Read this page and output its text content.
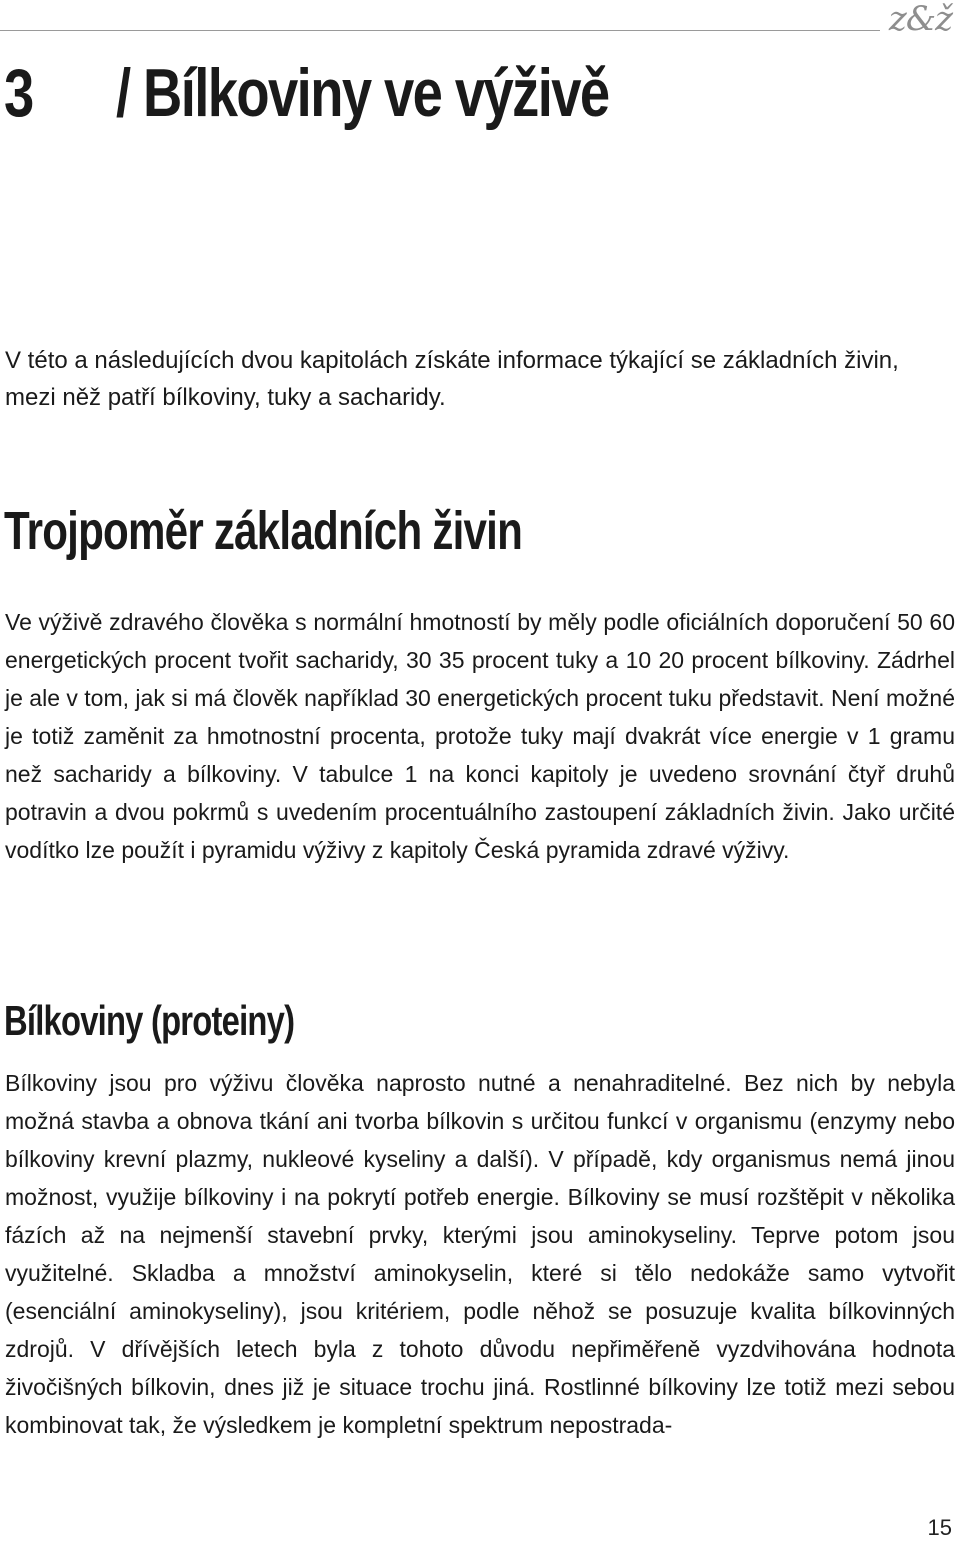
z&ž
3 / Bílkoviny ve výživě

V této a následujících dvou kapitolách získáte informace týkající se základních živin, mezi něž patří bílkoviny, tuky a sacharidy.

Trojpoměr základních živin

Ve výživě zdravého člověka s normální hmotností by měly podle oficiálních doporučení 50 60 energetických procent tvořit sacharidy, 30 35 procent tuky a 10 20 procent bílkoviny. Zádrhel je ale v tom, jak si má člověk například 30 energetických procent tuku představit. Není možné je totiž zaměnit za hmotnostní procenta, protože tuky mají dvakrát více energie v 1 gramu než sacharidy a bílkoviny. V tabulce 1 na konci kapitoly je uvedeno srovnání čtyř druhů potravin a dvou pokrmů s uvedením procentuálního zastoupení základních živin. Jako určité vodítko lze použít i pyramidu výživy z kapitoly Česká pyramida zdravé výživy.

Bílkoviny (proteiny)

Bílkoviny jsou pro výživu člověka naprosto nutné a nenahraditelné. Bez nich by nebyla možná stavba a obnova tkání ani tvorba bílkovin s určitou funkcí v organismu (enzymy nebo bílkoviny krevní plazmy, nukleové kyseliny a další). V případě, kdy organismus nemá jinou možnost, využije bílkoviny i na pokrytí potřeb energie. Bílkoviny se musí rozštěpit v několika fázích až na nejmenší stavební prvky, kterými jsou aminokyseliny. Teprve potom jsou využitelné. Skladba a množství aminokyselin, které si tělo nedokáže samo vytvořit (esenciální aminokyseliny), jsou kritériem, podle něhož se posuzuje kvalita bílkovinných zdrojů. V dřívějších letech byla z tohoto důvodu nepřiměřeně vyzdvihována hodnota živočišných bílkovin, dnes již je situace trochu jiná. Rostlinné bílkoviny lze totiž mezi sebou kombinovat tak, že výsledkem je kompletní spektrum nepostrada-

15
